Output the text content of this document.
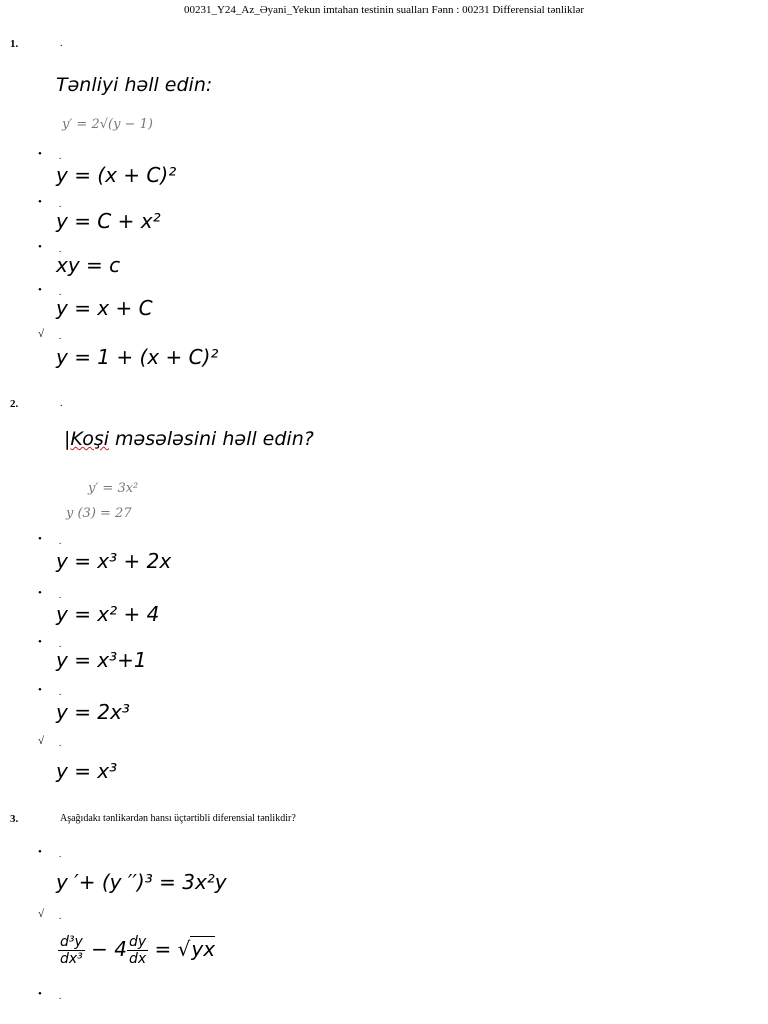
00231_Y24_Az_Əyani_Yekun imtahan testinin sualları Fənn : 00231 Differensial tənliklər
1.	.
Tənliyi həll edin:
y′ = 2√(y − 1)
• .
y = (x + C)²
• .
y = C + x²
• .
xy = c
• .
y = x + C
√ .
y = 1 + (x + C)²
2.	.
|Koşi məsələsini həll edin?
y′ = 3x²
y (3) = 27
• .
y = x³ + 2x
• .
y = x² + 4
• .
y = x³+1
• .
y = 2x³
√ .
y = x³
3.	Aşağıdakı tənlikərdən hansı üçtərtibli diferensial tənlikdir?
• .
y ′+ (y ′′)³ = 3x²y
√ .
$\frac{\text{d³y}}{\text{dx³}} - 4 \frac{dy}{dx} = √yx$
• .
